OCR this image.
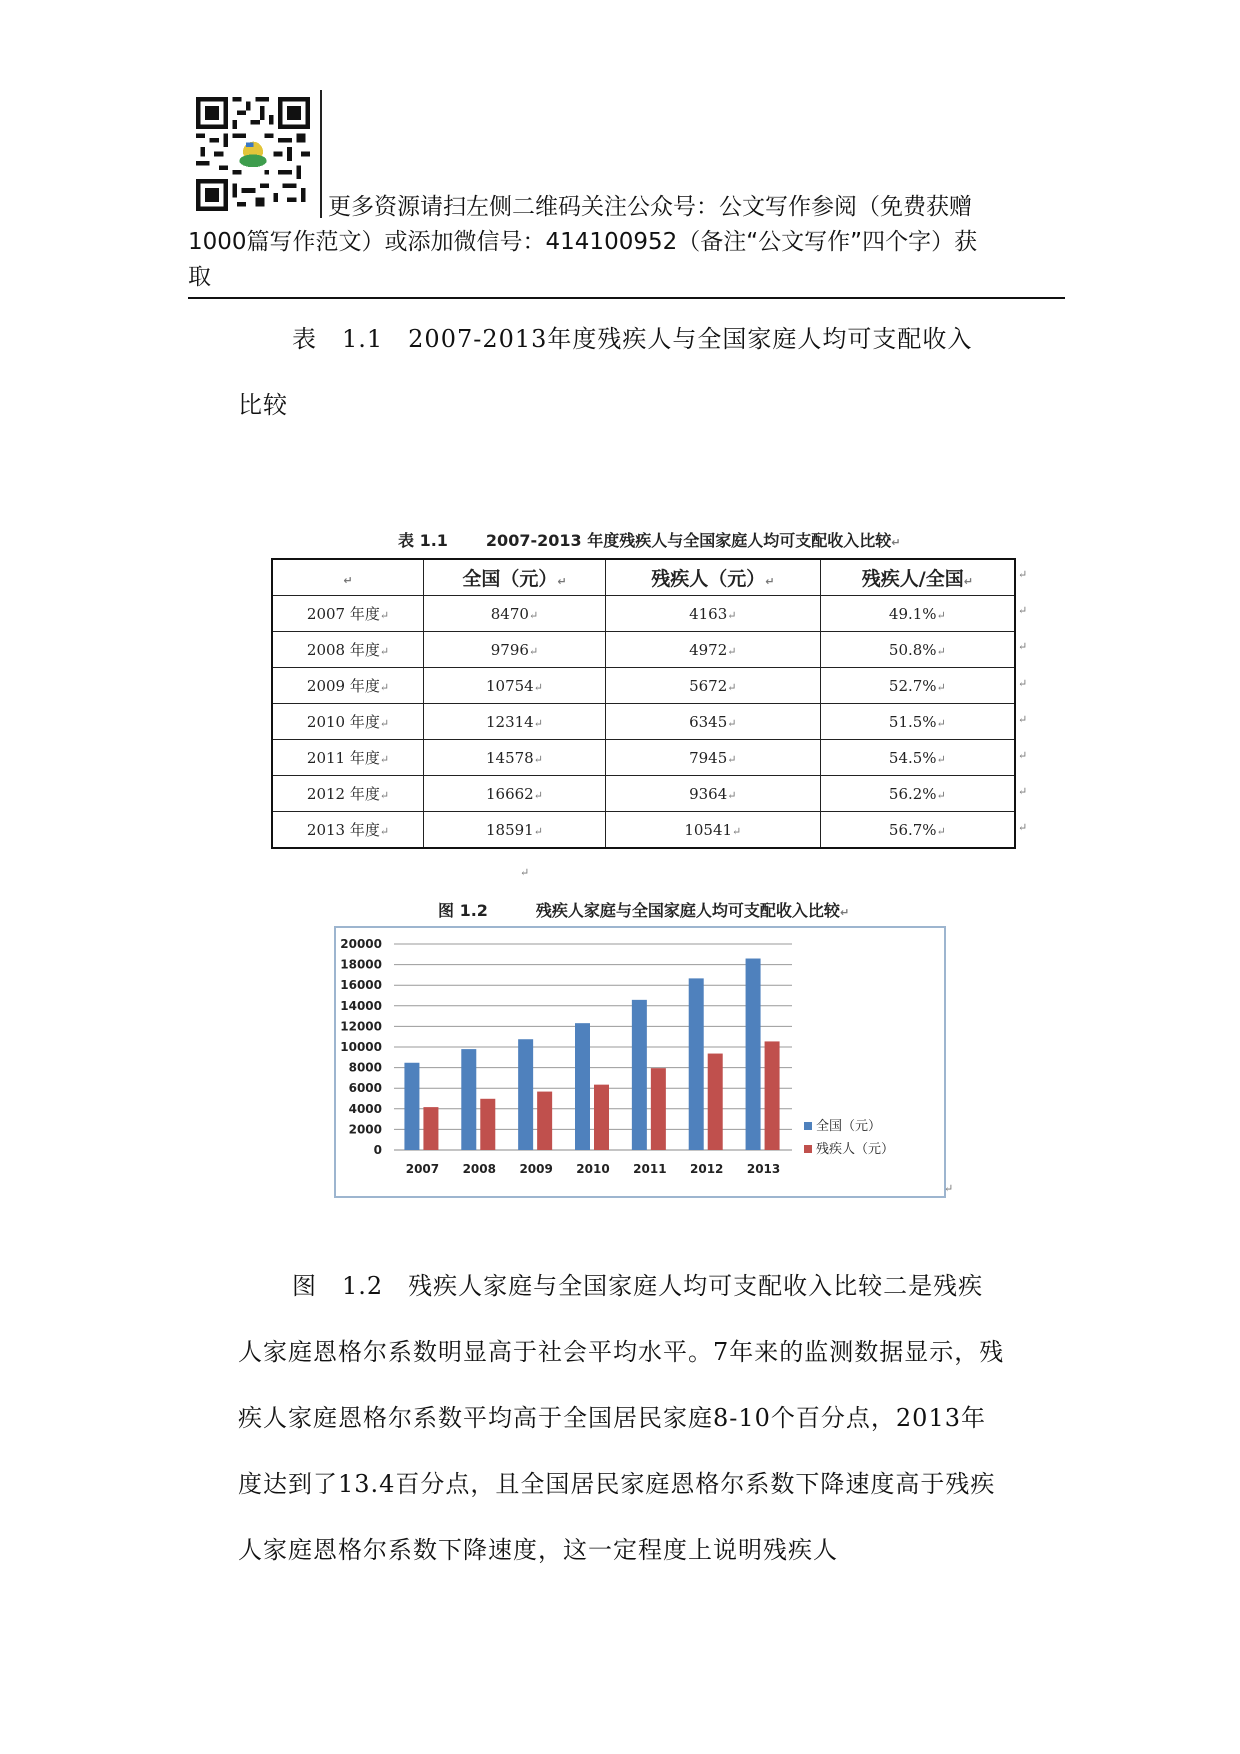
更多资源请扫左侧二维码关注公众号：公文写作参阅（免费获赠
1000篇写作范文）或添加微信号：414100952（备注“公文写作”四个字）获
取
表　1.1　2007-2013年度残疾人与全国家庭人均可支配收入
比较
表 1.1 2007-2013 年度残疾人与全国家庭人均可支配收入比较↵
↵	全国（元）↵	残疾人（元）↵	残疾人/全国↵
2007 年度↵	8470↵	4163↵	49.1%↵
2008 年度↵	9796↵	4972↵	50.8%↵
2009 年度↵	10754↵	5672↵	52.7%↵
2010 年度↵	12314↵	6345↵	51.5%↵
2011 年度↵	14578↵	7945↵	54.5%↵
2012 年度↵	16662↵	9364↵	56.2%↵
2013 年度↵	18591↵	10541↵	56.7%↵
↵
↵
↵
↵
↵
↵
↵
↵
↵
图 1.2	残疾人家庭与全国家庭人均可支配收入比较↵
0
2000
4000
6000
8000
10000
12000
14000
16000
18000
20000
2007 2008 2009 2010 2011 2012 2013
全国（元）
残疾人（元）
↵
图　1.2　残疾人家庭与全国家庭人均可支配收入比较二是残疾人家庭恩格尔系数明显高于社会平均水平。7年来的监测数据显示，残疾人家庭恩格尔系数平均高于全国居民家庭8-10个百分点，2013年度达到了13.4百分点，且全国居民家庭恩格尔系数下降速度高于残疾人家庭恩格尔系数下降速度，这一定程度上说明残疾人
